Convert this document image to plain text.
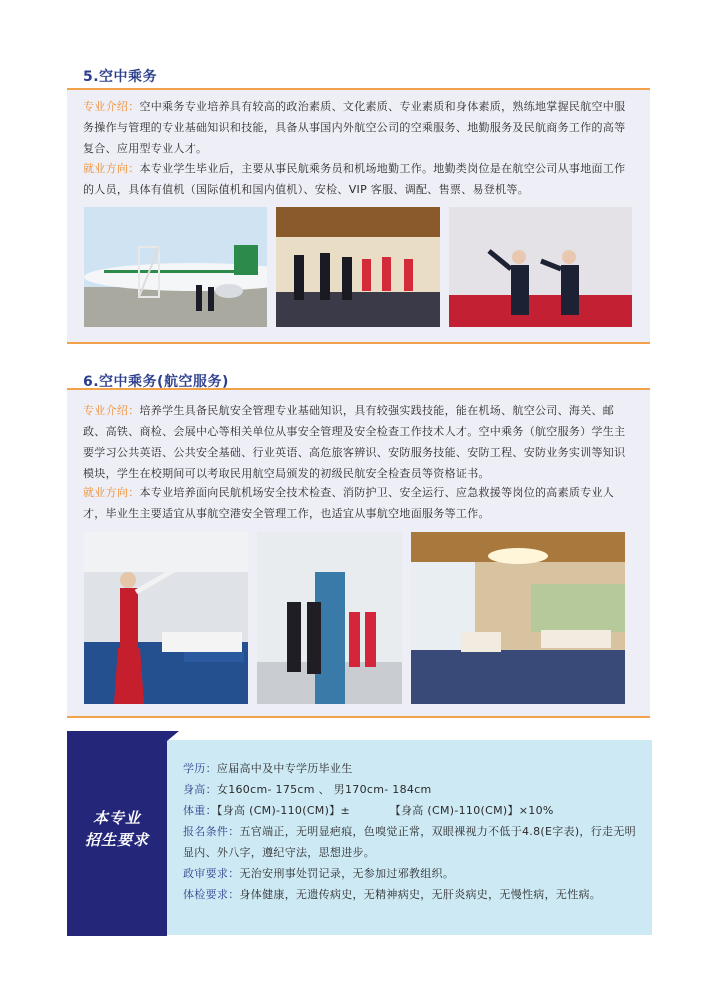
5.空中乘务

专业介绍：空中乘务专业培养具有较高的政治素质、文化素质、专业素质和身体素质，熟练地掌握民航空中服务操作与管理的专业基础知识和技能，具备从事国内外航空公司的空乘服务、地勤服务及民航商务工作的高等复合、应用型专业人才。

就业方向：本专业学生毕业后，主要从事民航乘务员和机场地勤工作。地勤类岗位是在航空公司从事地面工作的人员，具体有值机（国际值机和国内值机）、安检、VIP 客服、调配、售票、易登机等。

6.空中乘务(航空服务)

专业介绍：培养学生具备民航安全管理专业基础知识，具有较强实践技能，能在机场、航空公司、海关、邮政、高铁、商检、会展中心等相关单位从事安全管理及安全检查工作技术人才。空中乘务（航空服务）学生主要学习公共英语、公共安全基础、行业英语、高危旅客辨识、安防服务技能、安防工程、安防业务实训等知识模块，学生在校期间可以考取民用航空局颁发的初级民航安全检查员等资格证书。

就业方向：本专业培养面向民航机场安全技术检查、消防护卫、安全运行、应急救援等岗位的高素质专业人才，毕业生主要适宜从事航空港安全管理工作，也适宜从事航空地面服务等工作。

本专业
招生要求
学历：应届高中及中专学历毕业生
身高：女160cm- 175cm 、 男170cm- 184cm
体重：【身高 (CM)-110(CM)】±　　　　【身高 (CM)-110(CM)】×10%
报名条件：五官端正，无明显疤痕，色嗅觉正常，双眼裸视力不低于4.8(E字表)，行走无明显内、外八字，遵纪守法，思想进步。
政审要求：无治安刑事处罚记录，无参加过邪教组织。
体检要求：身体健康，无遗传病史，无精神病史，无肝炎病史，无慢性病，无性病。
